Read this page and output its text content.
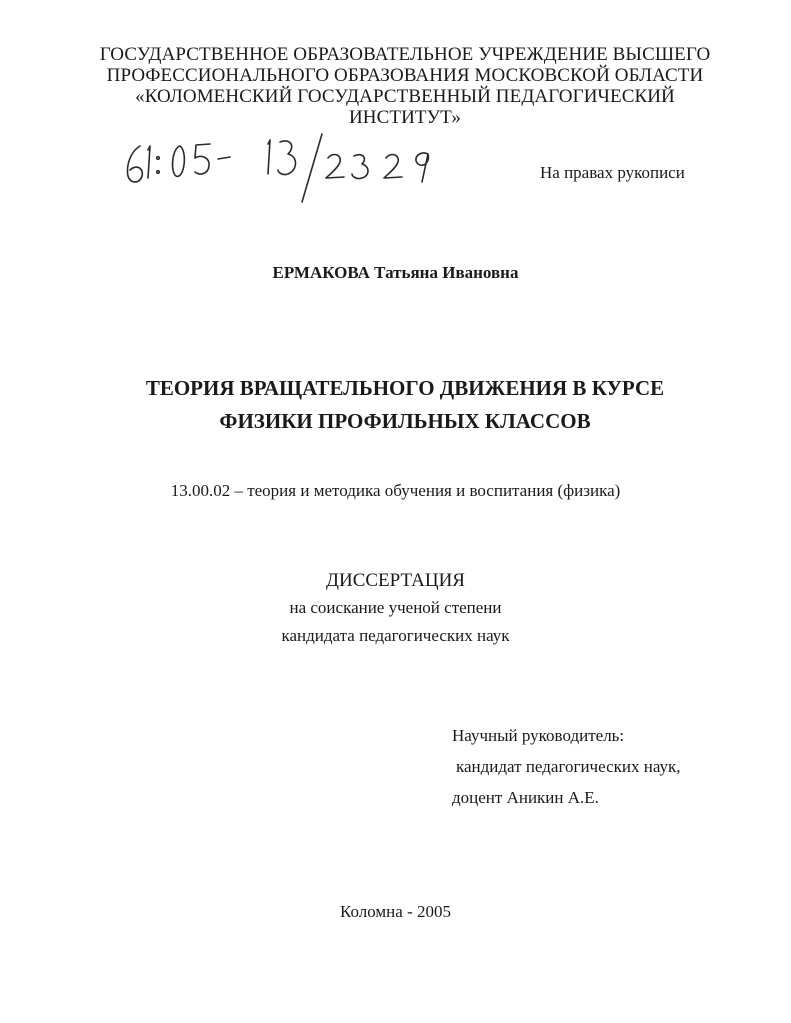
ГОСУДАРСТВЕННОЕ ОБРАЗОВАТЕЛЬНОЕ УЧРЕЖДЕНИЕ ВЫСШЕГО
ПРОФЕССИОНАЛЬНОГО ОБРАЗОВАНИЯ МОСКОВСКОЙ ОБЛАСТИ
«КОЛОМЕНСКИЙ ГОСУДАРСТВЕННЫЙ ПЕДАГОГИЧЕСКИЙ
ИНСТИТУТ»
На правах рукописи
ЕРМАКОВА Татьяна Ивановна
ТЕОРИЯ ВРАЩАТЕЛЬНОГО ДВИЖЕНИЯ В КУРСЕ
ФИЗИКИ ПРОФИЛЬНЫХ КЛАССОВ
13.00.02 – теория и методика обучения и воспитания (физика)
ДИССЕРТАЦИЯ
на соискание ученой степени
кандидата педагогических наук
Научный руководитель:
кандидат педагогических наук,
доцент Аникин А.Е.
Коломна - 2005
